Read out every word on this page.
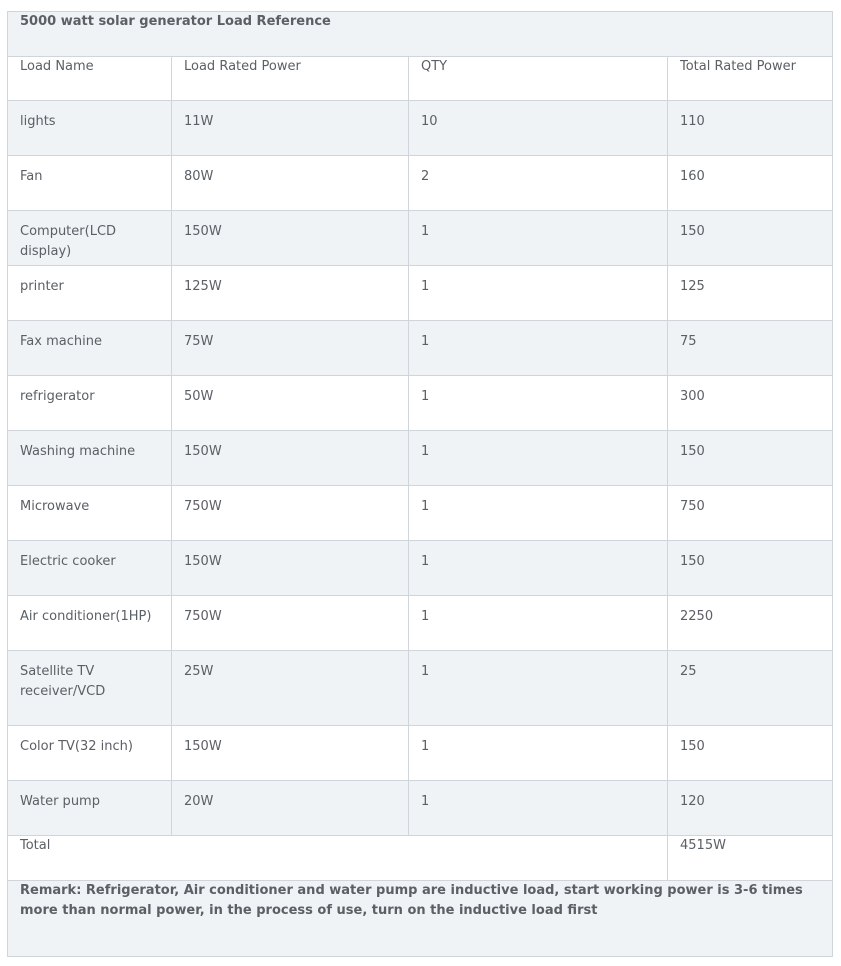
5000 watt solar generator Load Reference			
Load Name	Load Rated Power	QTY	Total Rated Power
lights	11W	10	110
Fan	80W	2	160
Computer(LCD display)	150W	1	150
printer	125W	1	125
Fax machine	75W	1	75
refrigerator	50W	1	300
Washing machine	150W	1	150
Microwave	750W	1	750
Electric cooker	150W	1	150
Air conditioner(1HP)	750W	1	2250
Satellite TV receiver/VCD	25W	1	25
Color TV(32 inch)	150W	1	150
Water pump	20W	1	120
Total			4515W
Remark: Refrigerator, Air conditioner and water pump are inductive load, start working power is 3-6 times more than normal power, in the process of use, turn on the inductive load first			
